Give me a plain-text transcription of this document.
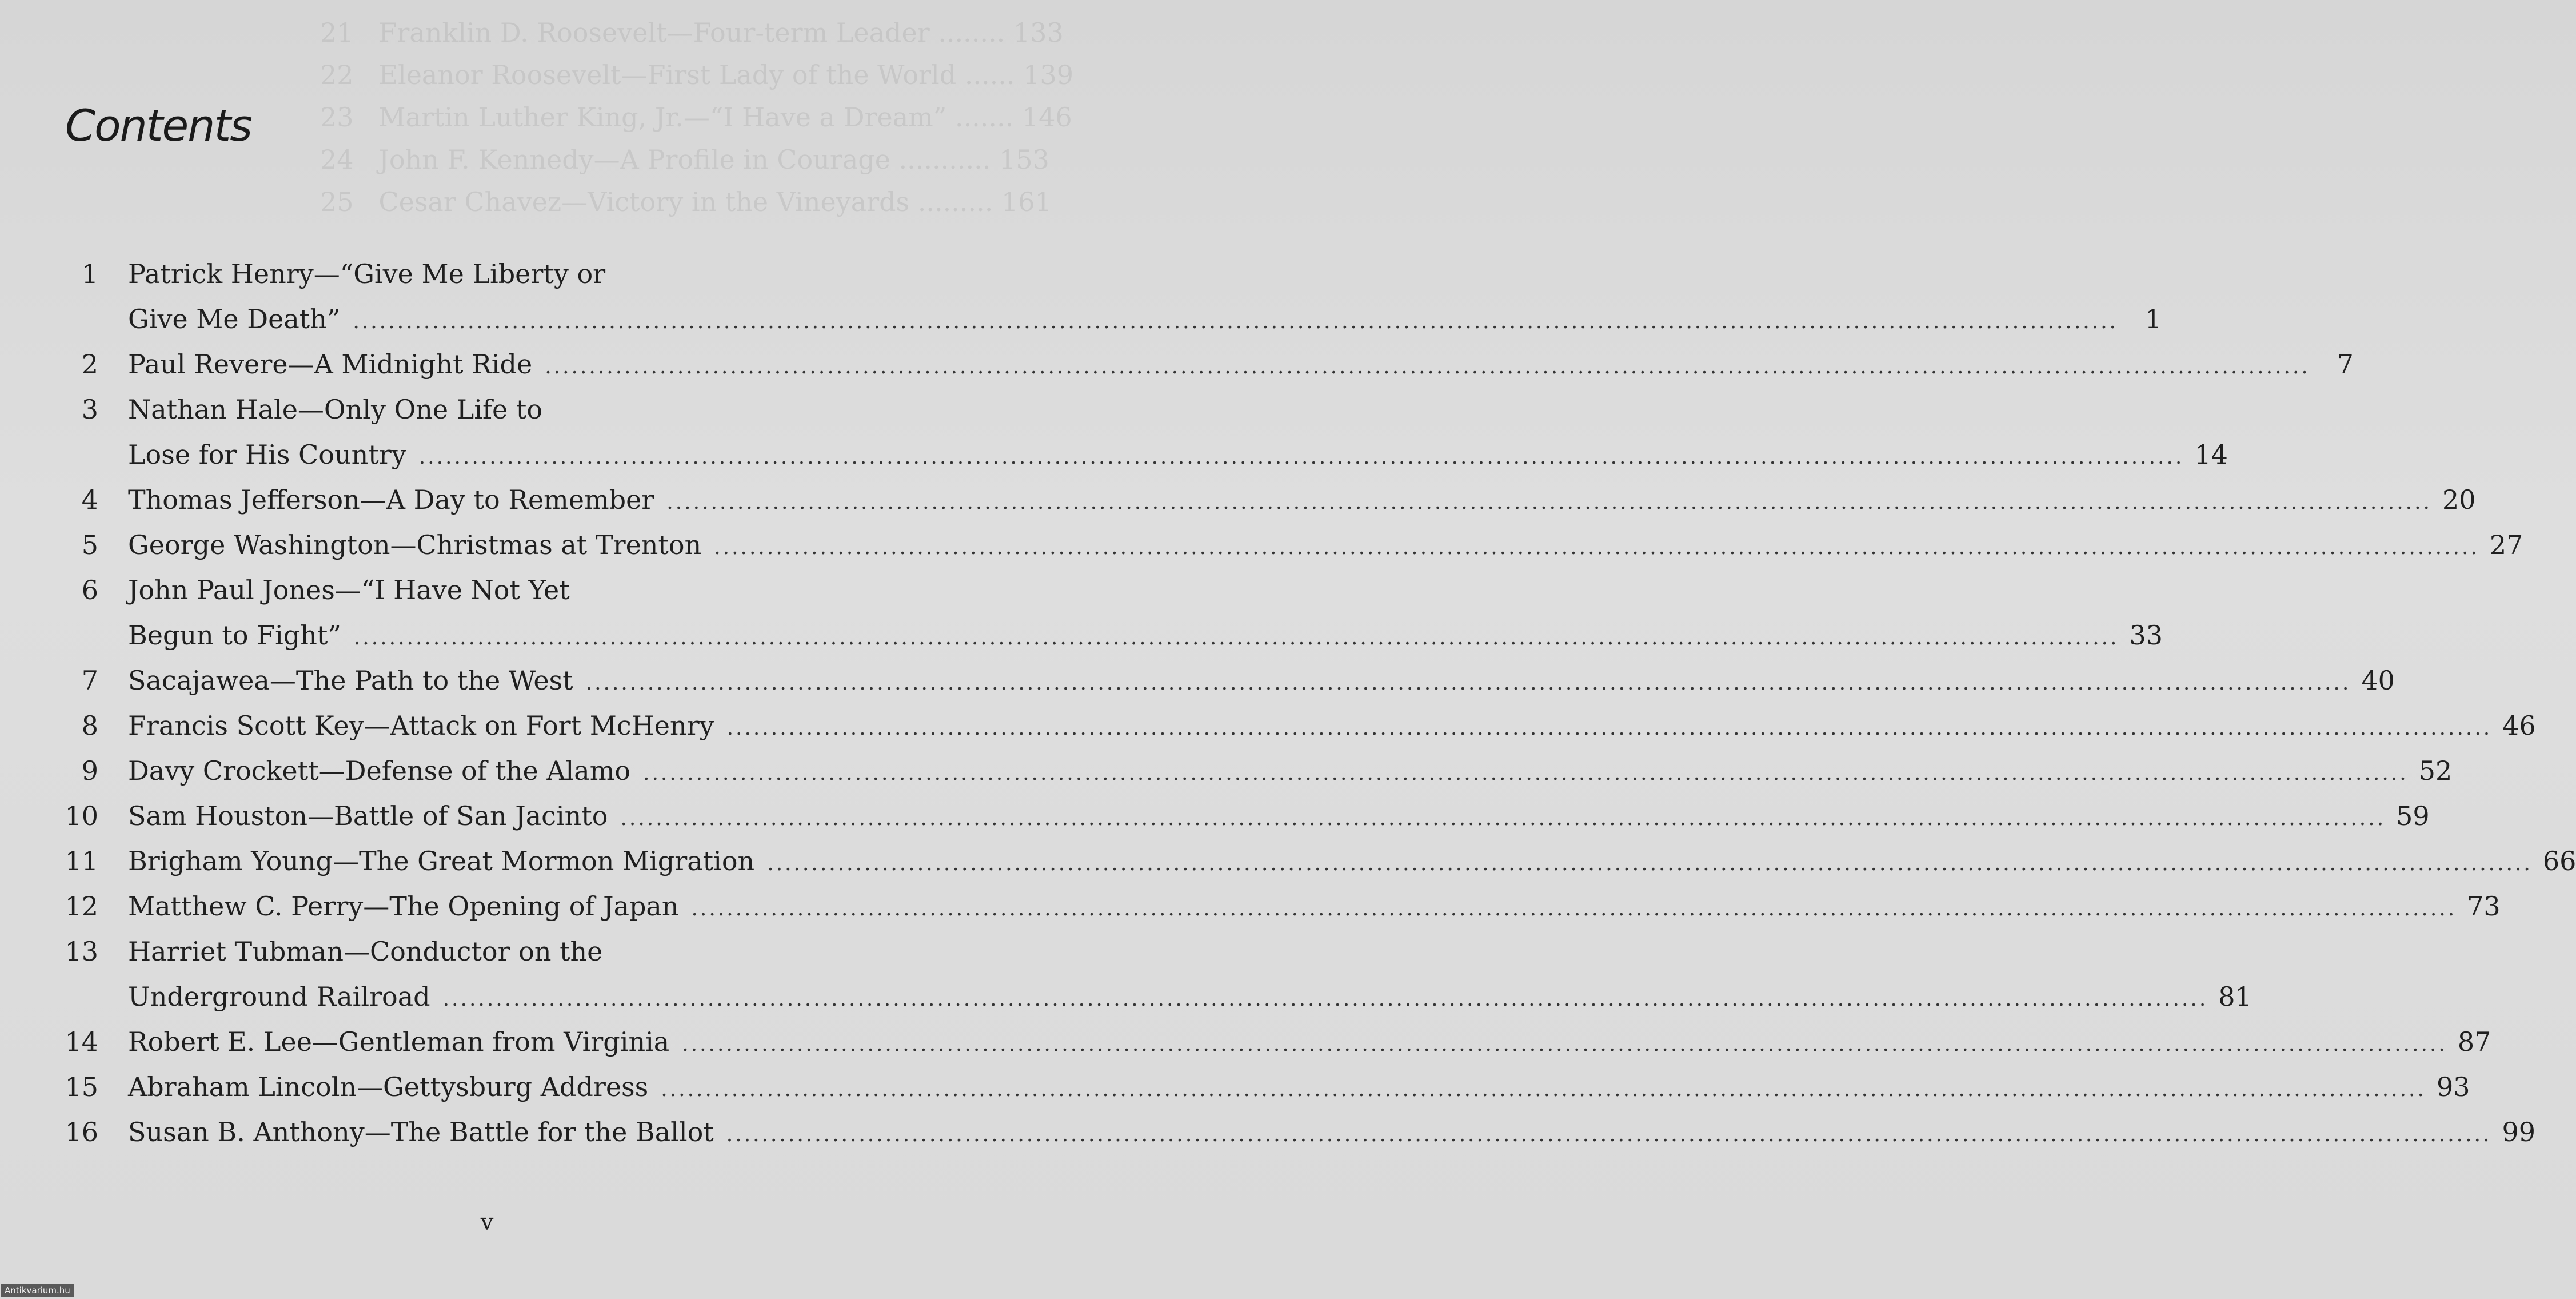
21   Franklin D. Roosevelt—Four-term Leader ........ 133
22   Eleanor Roosevelt—First Lady of the World ...... 139
23   Martin Luther King, Jr.—“I Have a Dream” ....... 146
24   John F. Kennedy—A Profile in Courage ........... 153
25   Cesar Chavez—Victory in the Vineyards ......... 161
Contents
1 Patrick Henry—“Give Me Liberty or
Give Me Death” .....	1
2 Paul Revere—A Midnight Ride .....	7
3 Nathan Hale—Only One Life to
Lose for His Country .....	14
4 Thomas Jefferson—A Day to Remember .....	20
5 George Washington—Christmas at Trenton .....	27
6 John Paul Jones—“I Have Not Yet
Begun to Fight” .....	33
7 Sacajawea—The Path to the West .....	40
8 Francis Scott Key—Attack on Fort McHenry .....	46
9 Davy Crockett—Defense of the Alamo .....	52
10 Sam Houston—Battle of San Jacinto .....	59
11 Brigham Young—The Great Mormon Migration .....	66
12 Matthew C. Perry—The Opening of Japan .....	73
13 Harriet Tubman—Conductor on the
Underground Railroad .....	81
14 Robert E. Lee—Gentleman from Virginia .....	87
15 Abraham Lincoln—Gettysburg Address .....	93
16 Susan B. Anthony—The Battle for the Ballot .....	99
v
Antikvarium.hu
